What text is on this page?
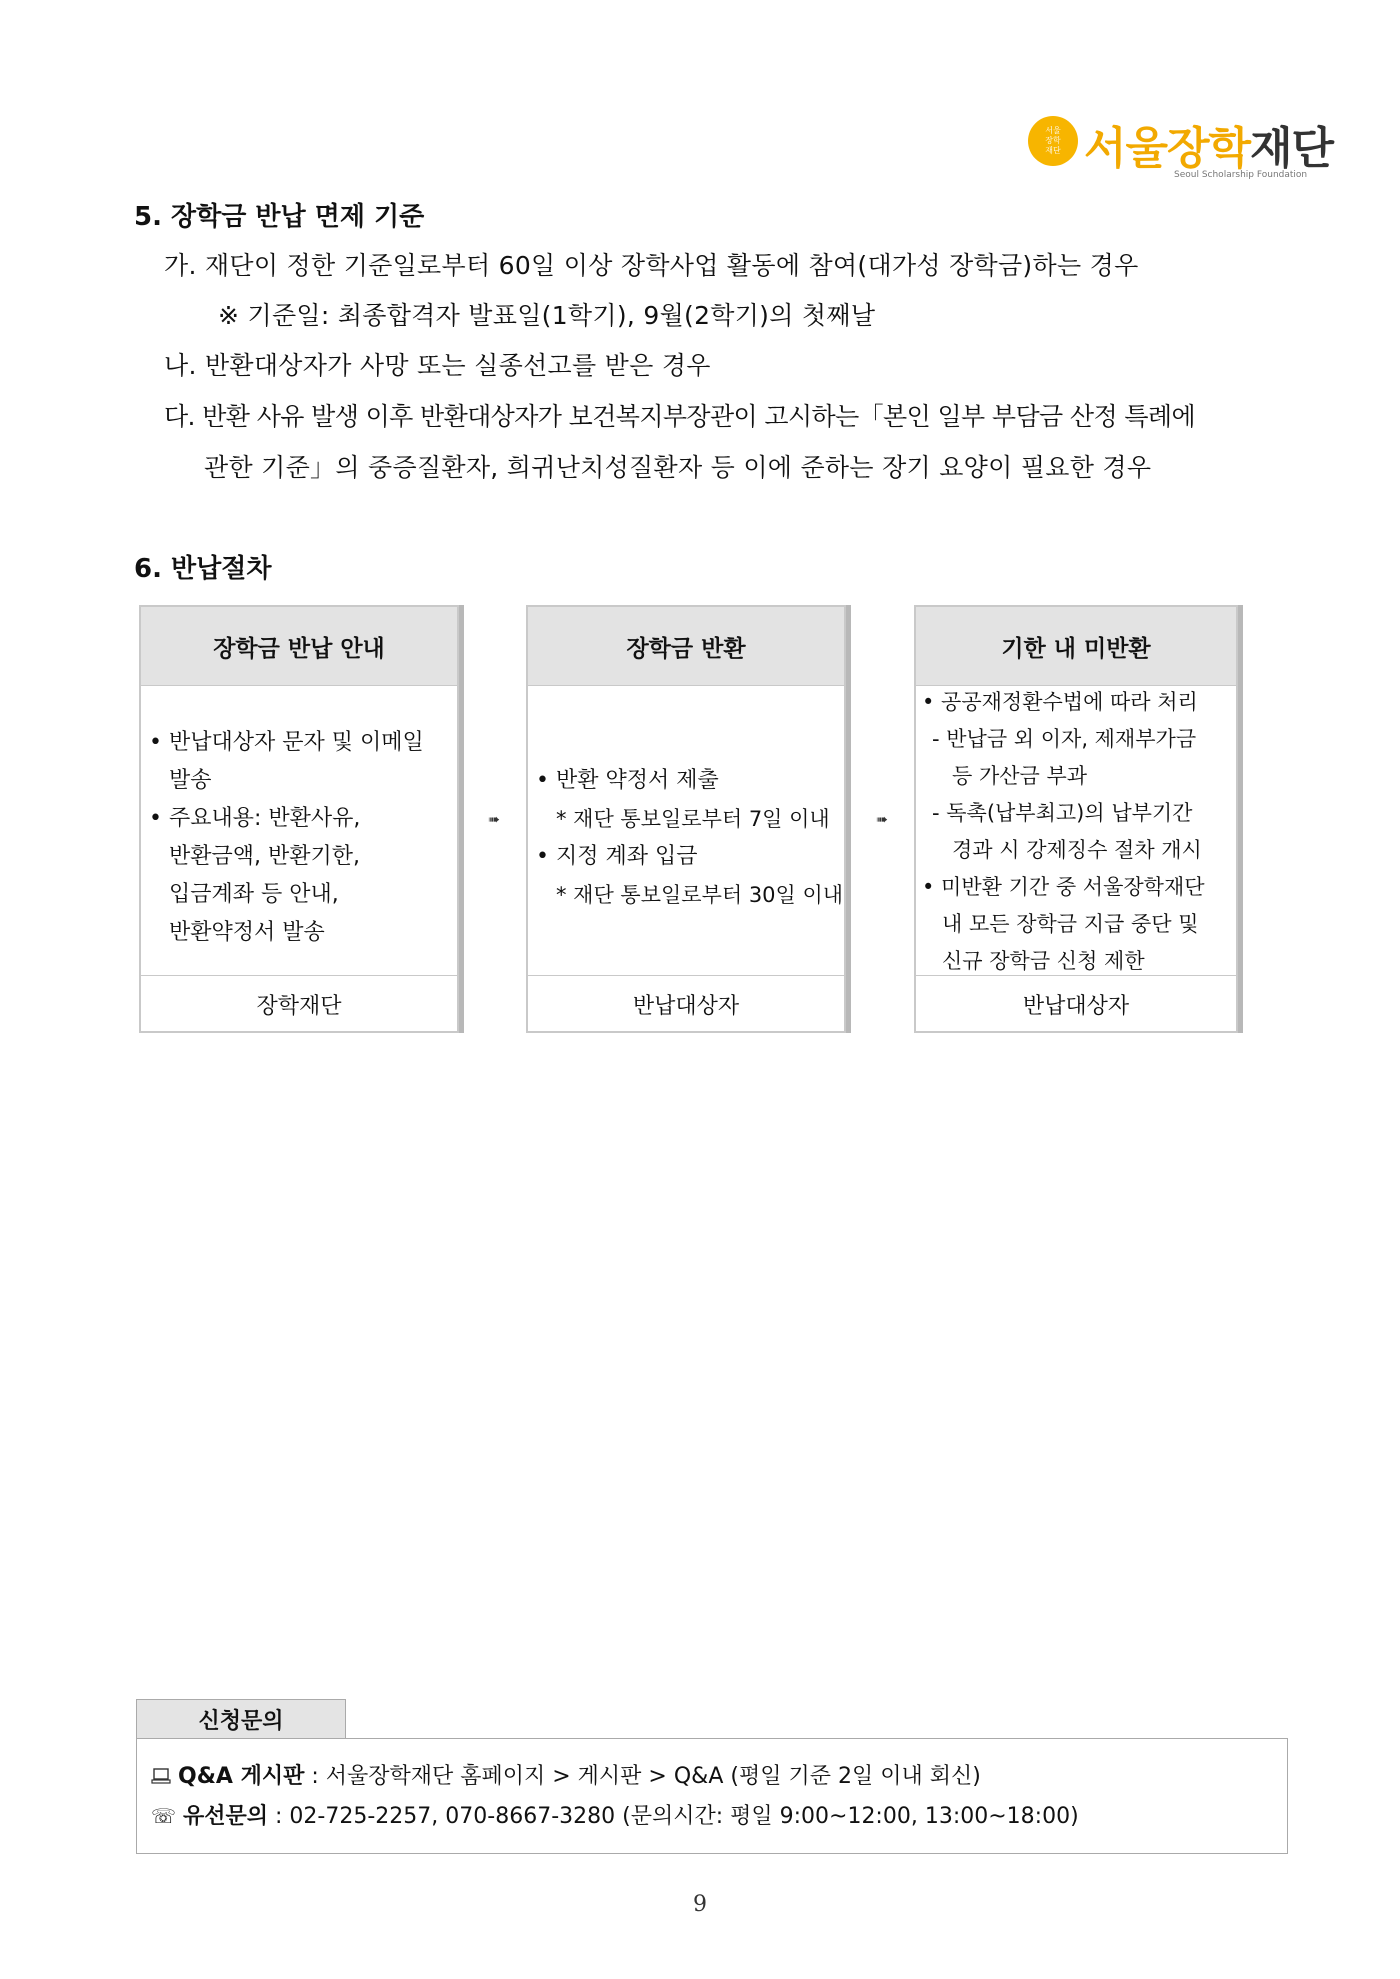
서울
장학
재단 서울장학재단
Seoul Scholarship Foundation
5. 장학금 반납 면제 기준
가. 재단이 정한 기준일로부터 60일 이상 장학사업 활동에 참여(대가성 장학금)하는 경우
※ 기준일: 최종합격자 발표일(1학기), 9월(2학기)의 첫째날
나. 반환대상자가 사망 또는 실종선고를 받은 경우
다. 반환 사유 발생 이후 반환대상자가 보건복지부장관이 고시하는「본인 일부 부담금 산정 특례에
관한 기준」의 중증질환자, 희귀난치성질환자 등 이에 준하는 장기 요양이 필요한 경우
6. 반납절차
장학금 반납 안내
• 반납대상자 문자 및 이메일
발송
• 주요내용: 반환사유,
반환금액, 반환기한,
입금계좌 등 안내,
반환약정서 발송
장학재단
➠
장학금 반환
• 반환 약정서 제출
* 재단 통보일로부터 7일 이내
• 지정 계좌 입금
* 재단 통보일로부터 30일 이내
반납대상자
➠
기한 내 미반환
• 공공재정환수법에 따라 처리
- 반납금 외 이자, 제재부가금
등 가산금 부과
- 독촉(납부최고)의 납부기간
경과 시 강제징수 절차 개시
• 미반환 기간 중 서울장학재단
내 모든 장학금 지급 중단 및
신규 장학금 신청 제한
반납대상자
신청문의
Q&A 게시판 : 서울장학재단 홈페이지 > 게시판 > Q&A (평일 기준 2일 이내 회신)
☏ 유선문의 : 02-725-2257, 070-8667-3280 (문의시간: 평일 9:00~12:00, 13:00~18:00)
9
